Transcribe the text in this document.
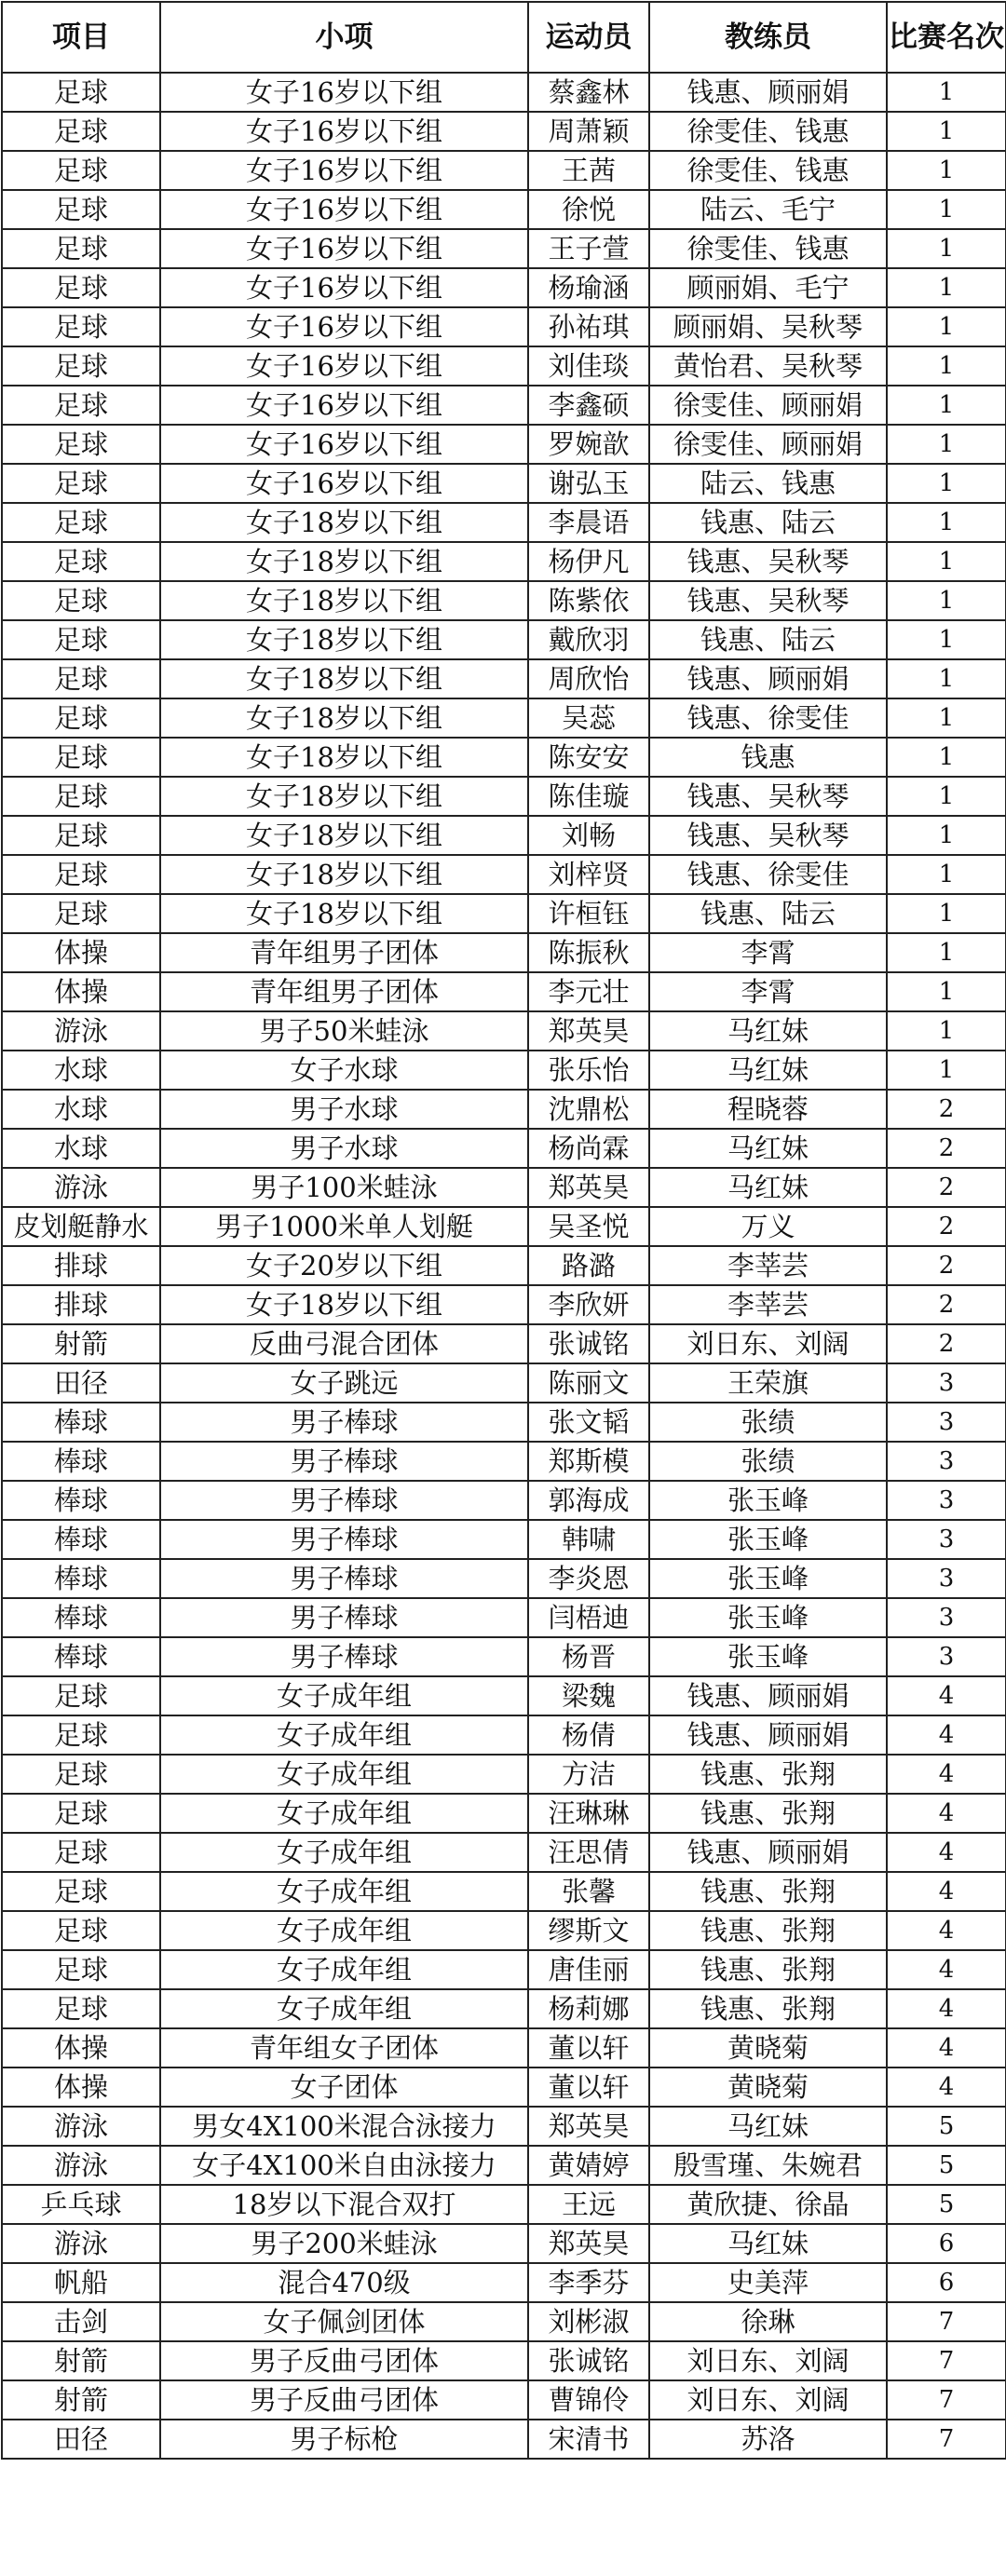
项目	小项	运动员	教练员	比赛名次
足球	女子16岁以下组	蔡鑫林	钱惠、顾丽娟	1
足球	女子16岁以下组	周萧颖	徐雯佳、钱惠	1
足球	女子16岁以下组	王茜	徐雯佳、钱惠	1
足球	女子16岁以下组	徐悦	陆云、毛宁	1
足球	女子16岁以下组	王子萱	徐雯佳、钱惠	1
足球	女子16岁以下组	杨瑜涵	顾丽娟、毛宁	1
足球	女子16岁以下组	孙祐琪	顾丽娟、吴秋琴	1
足球	女子16岁以下组	刘佳琰	黄怡君、吴秋琴	1
足球	女子16岁以下组	李鑫硕	徐雯佳、顾丽娟	1
足球	女子16岁以下组	罗婉歆	徐雯佳、顾丽娟	1
足球	女子16岁以下组	谢弘玉	陆云、钱惠	1
足球	女子18岁以下组	李晨语	钱惠、陆云	1
足球	女子18岁以下组	杨伊凡	钱惠、吴秋琴	1
足球	女子18岁以下组	陈紫依	钱惠、吴秋琴	1
足球	女子18岁以下组	戴欣羽	钱惠、陆云	1
足球	女子18岁以下组	周欣怡	钱惠、顾丽娟	1
足球	女子18岁以下组	吴蕊	钱惠、徐雯佳	1
足球	女子18岁以下组	陈安安	钱惠	1
足球	女子18岁以下组	陈佳璇	钱惠、吴秋琴	1
足球	女子18岁以下组	刘畅	钱惠、吴秋琴	1
足球	女子18岁以下组	刘梓贤	钱惠、徐雯佳	1
足球	女子18岁以下组	许桓钰	钱惠、陆云	1
体操	青年组男子团体	陈振秋	李霄	1
体操	青年组男子团体	李元壮	李霄	1
游泳	男子50米蛙泳	郑英昊	马红妹	1
水球	女子水球	张乐怡	马红妹	1
水球	男子水球	沈鼎松	程晓蓉	2
水球	男子水球	杨尚霖	马红妹	2
游泳	男子100米蛙泳	郑英昊	马红妹	2
皮划艇静水	男子1000米单人划艇	吴圣悦	万义	2
排球	女子20岁以下组	路潞	李莘芸	2
排球	女子18岁以下组	李欣妍	李莘芸	2
射箭	反曲弓混合团体	张诚铭	刘日东、刘阔	2
田径	女子跳远	陈丽文	王荣旗	3
棒球	男子棒球	张文韬	张绩	3
棒球	男子棒球	郑斯模	张绩	3
棒球	男子棒球	郭海成	张玉峰	3
棒球	男子棒球	韩啸	张玉峰	3
棒球	男子棒球	李炎恩	张玉峰	3
棒球	男子棒球	闫梧迪	张玉峰	3
棒球	男子棒球	杨晋	张玉峰	3
足球	女子成年组	梁魏	钱惠、顾丽娟	4
足球	女子成年组	杨倩	钱惠、顾丽娟	4
足球	女子成年组	方洁	钱惠、张翔	4
足球	女子成年组	汪琳琳	钱惠、张翔	4
足球	女子成年组	汪思倩	钱惠、顾丽娟	4
足球	女子成年组	张馨	钱惠、张翔	4
足球	女子成年组	缪斯文	钱惠、张翔	4
足球	女子成年组	唐佳丽	钱惠、张翔	4
足球	女子成年组	杨莉娜	钱惠、张翔	4
体操	青年组女子团体	董以轩	黄晓菊	4
体操	女子团体	董以轩	黄晓菊	4
游泳	男女4X100米混合泳接力	郑英昊	马红妹	5
游泳	女子4X100米自由泳接力	黄婧婷	殷雪瑾、朱婉君	5
乒乓球	18岁以下混合双打	王远	黄欣捷、徐晶	5
游泳	男子200米蛙泳	郑英昊	马红妹	6
帆船	混合470级	李季芬	史美萍	6
击剑	女子佩剑团体	刘彬淑	徐琳	7
射箭	男子反曲弓团体	张诚铭	刘日东、刘阔	7
射箭	男子反曲弓团体	曹锦伶	刘日东、刘阔	7
田径	男子标枪	宋清书	苏洛	7
